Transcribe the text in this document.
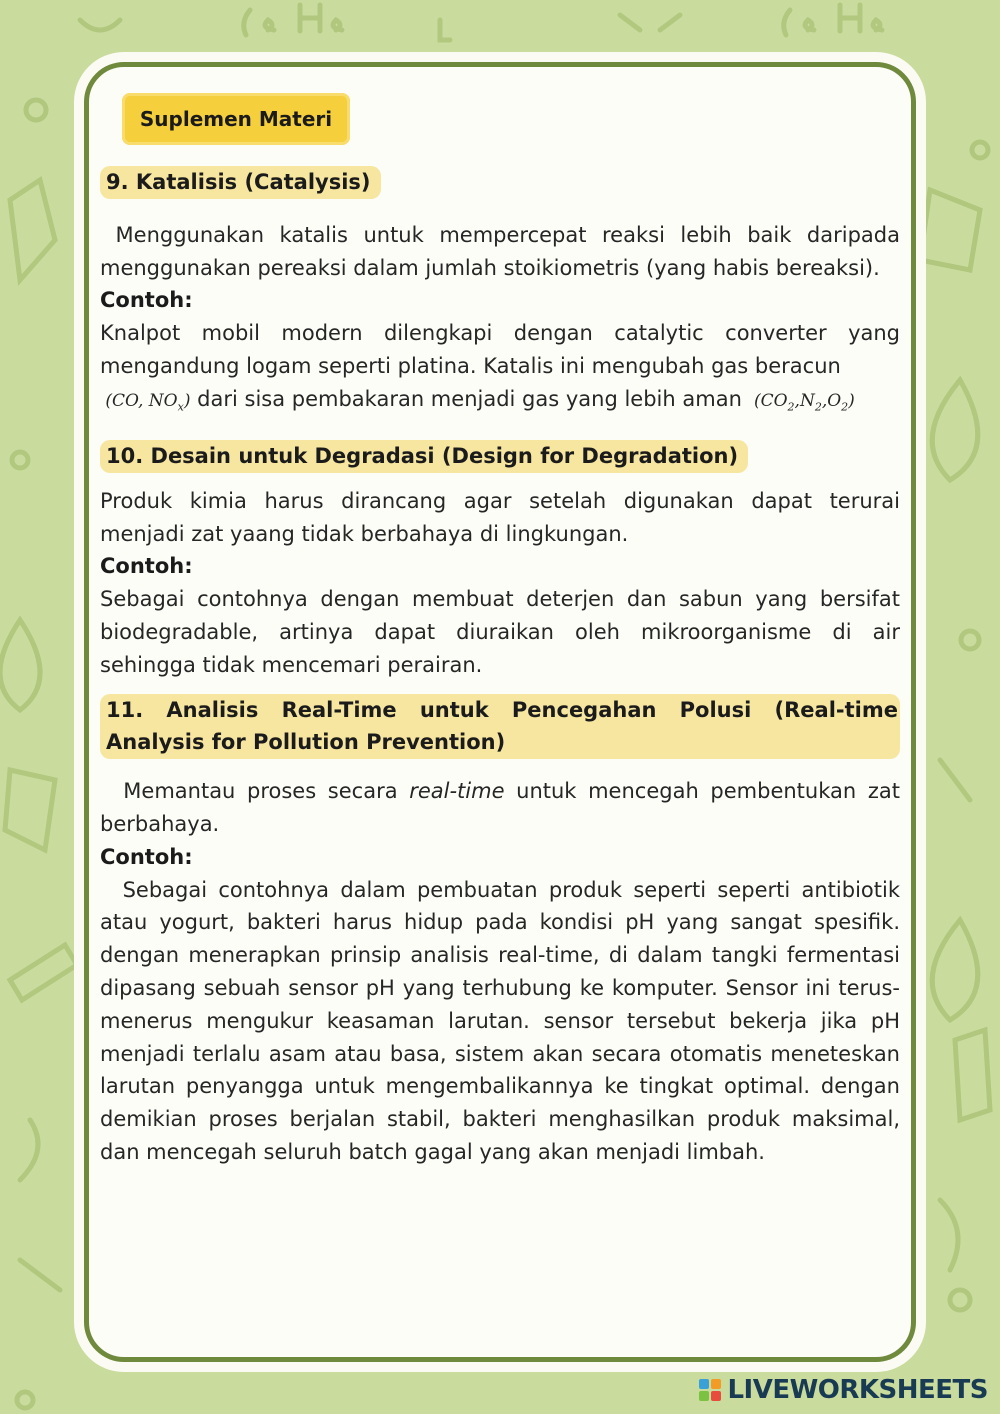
Suplemen Materi
9. Katalisis (Catalysis)

Menggunakan katalis untuk mempercepat reaksi lebih baik daripada menggunakan pereaksi dalam jumlah stoikiometris (yang habis bereaksi).

Contoh:

Knalpot mobil modern dilengkapi dengan catalytic converter yang mengandung logam seperti platina. Katalis ini mengubah gas beracun
(CO, $NO_x$) dari sisa pembakaran menjadi gas yang lebih aman  $(CO_2,N_2,O_2)$

10. Desain untuk Degradasi (Design for Degradation)

Produk kimia harus dirancang agar setelah digunakan dapat terurai menjadi zat yaang tidak berbahaya di lingkungan.

Contoh:

Sebagai contohnya dengan membuat deterjen dan sabun yang bersifat biodegradable, artinya dapat diuraikan oleh mikroorganisme di air sehingga tidak mencemari perairan.

11. Analisis Real-Time untuk Pencegahan Polusi (Real-time Analysis for Pollution Prevention)

Memantau proses secara real-time untuk mencegah pembentukan zat berbahaya.

Contoh:

Sebagai contohnya dalam pembuatan produk seperti seperti antibiotik atau yogurt, bakteri harus hidup pada kondisi pH yang sangat spesifik. dengan menerapkan prinsip analisis real-time, di dalam tangki fermentasi dipasang sebuah sensor pH yang terhubung ke komputer. Sensor ini terus-menerus mengukur keasaman larutan. sensor tersebut bekerja jika pH menjadi terlalu asam atau basa, sistem akan secara otomatis meneteskan larutan penyangga untuk mengembalikannya ke tingkat optimal. dengan demikian proses berjalan stabil, bakteri menghasilkan produk maksimal, dan mencegah seluruh batch gagal yang akan menjadi limbah.

LIVEWORKSHEETS
